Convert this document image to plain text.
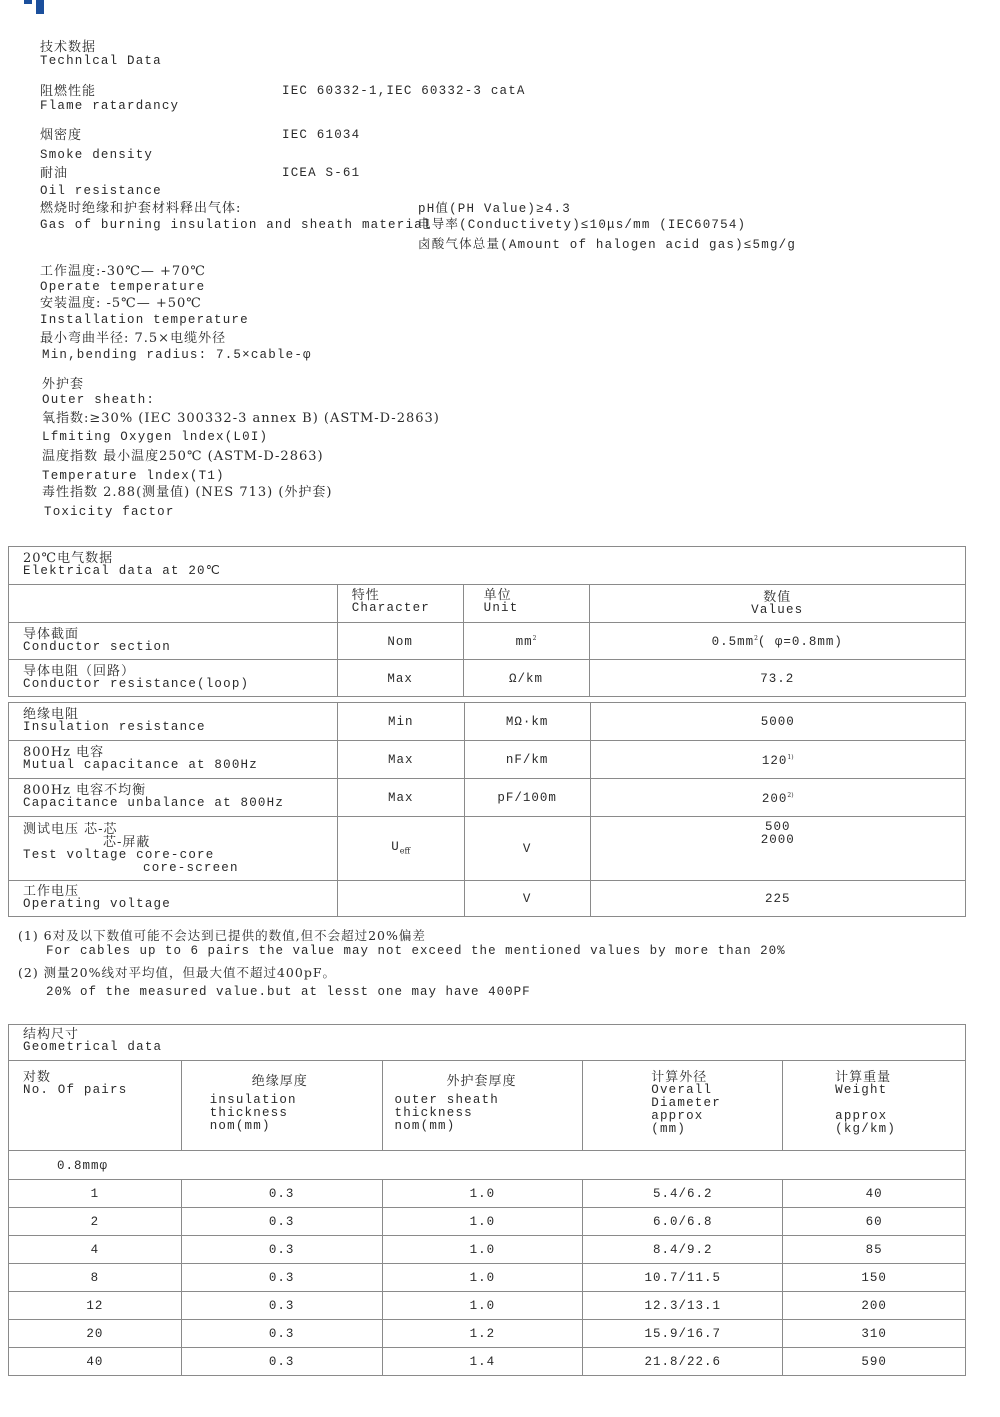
技术数据
Technlcal Data
阻燃性能
Flame ratardancy
IEC 60332-1,IEC 60332-3 catA
烟密度
Smoke density
IEC 61034
耐油
Oil resistance
ICEA S-61
燃烧时绝缘和护套材料释出气体:
Gas of burning insulation and sheath material
pH值(PH Value)≥4.3
电导率(Conductivety)≤10μs/mm (IEC60754)
卤酸气体总量(Amount of halogen acid gas)≤5mg/g
工作温度:-30℃— +70℃
Operate temperature
安装温度: -5℃— +50℃
Installation temperature
最小弯曲半径: 7.5×电缆外径
Min,bending radius: 7.5×cable-φ
外护套
Outer sheath:
氧指数:≥30% (IEC 300332-3 annex B) (ASTM-D-2863)
Lfmiting Oxygen lndex(L0I)
温度指数 最小温度250℃ (ASTM-D-2863)
Temperature lndex(T1)
毒性指数 2.88(测量值) (NES 713) (外护套)
Toxicity factor
20℃电气数据
Elektrical data at 20℃			

	特性
Character	单位
Unit	数值
Values

导体截面
Conductor section	Nom	$mm^2$	$0.5mm^2$( φ=0.8mm)

导体电阻（回路）
Conductor resistance(loop)	Max	Ω/km	73.2
绝缘电阻
Insulation resistance	Min	MΩ·km	5000

800Hz 电容
Mutual capacitance at 800Hz	Max	nF/km	120$^{1)}$

800Hz 电容不均衡
Capacitance unbalance at 800Hz	Max	pF/100m	200$^{2)}$

测试电压 芯-芯
芯-屏蔽
Test voltage core-core
core-screen	$U_{eff}$	V	500
2000

工作电压
Operating voltage		V	225
(1) 6对及以下数值可能不会达到已提供的数值,但不会超过20%偏差
For cables up to 6 pairs the value may not exceed the mentioned values by more than 20%
(2) 测量20%线对平均值，但最大值不超过400pF。
20% of the measured value.but at lesst one may have 400PF
结构尺寸
Geometrical data				

对数
No. Of pairs	绝缘厚度
insulation thickness
nom(mm)	外护套厚度
outer sheath thickness
nom(mm)	计算外径
Overall
Diameter
approx
(mm)	计算重量
Weight
approx
(kg/km)

0.8mmφ				
1	0.3	1.0	5.4/6.2	40
2	0.3	1.0	6.0/6.8	60
4	0.3	1.0	8.4/9.2	85
8	0.3	1.0	10.7/11.5	150
12	0.3	1.0	12.3/13.1	200
20	0.3	1.2	15.9/16.7	310
40	0.3	1.4	21.8/22.6	590
